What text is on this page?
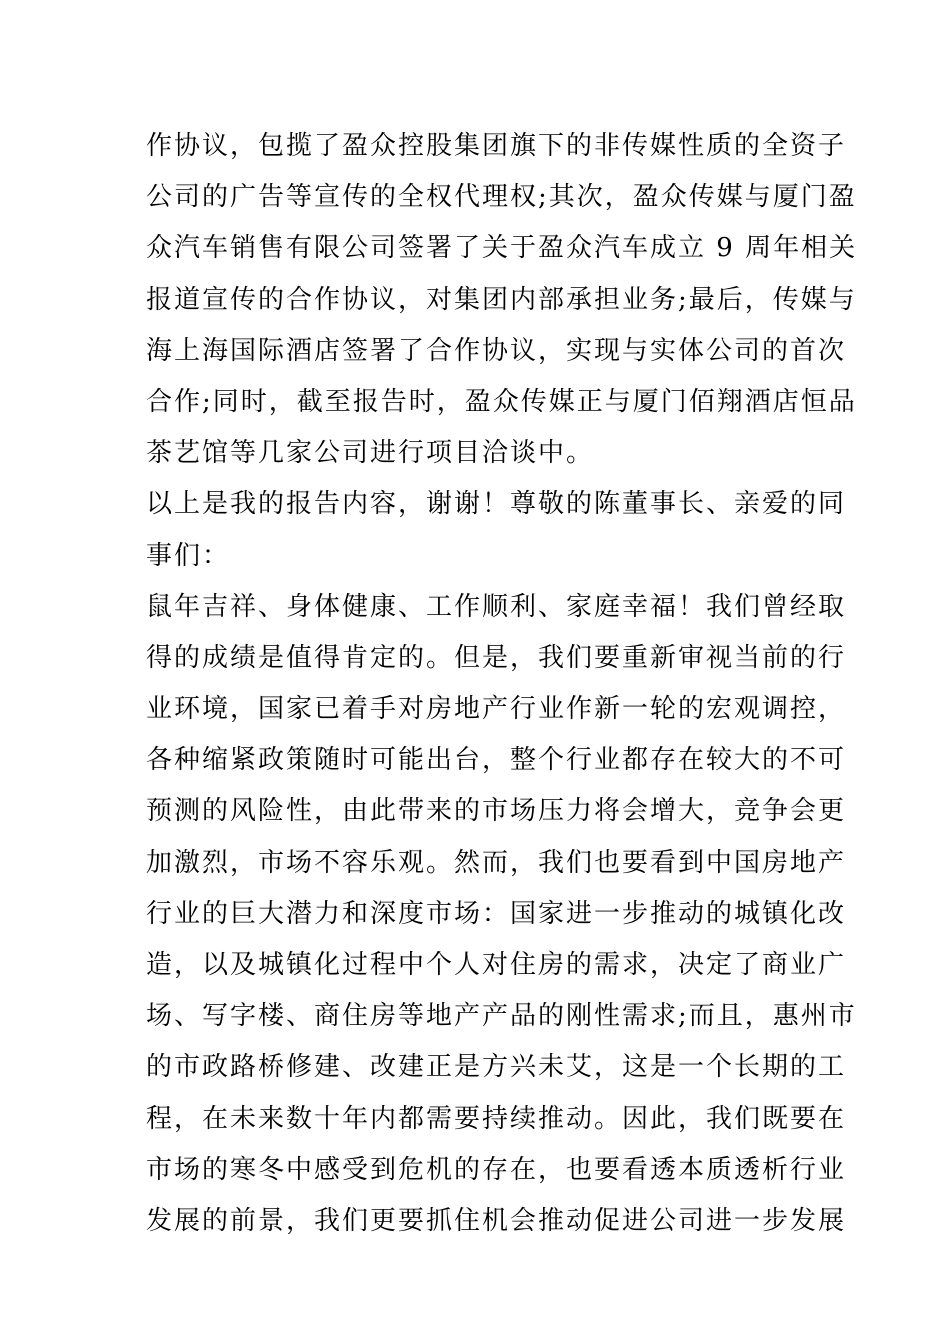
作协议，包揽了盈众控股集团旗下的非传媒性质的全资子
公司的广告等宣传的全权代理权;其次，盈众传媒与厦门盈
众汽车销售有限公司签署了关于盈众汽车成立 9 周年相关
报道宣传的合作协议，对集团内部承担业务;最后，传媒与
海上海国际酒店签署了合作协议，实现与实体公司的首次
合作;同时，截至报告时，盈众传媒正与厦门佰翔酒店恒品
茶艺馆等几家公司进行项目洽谈中。
以上是我的报告内容，谢谢！尊敬的陈董事长、亲爱的同
事们：
鼠年吉祥、身体健康、工作顺利、家庭幸福！我们曾经取
得的成绩是值得肯定的。但是，我们要重新审视当前的行
业环境，国家已着手对房地产行业作新一轮的宏观调控，
各种缩紧政策随时可能出台，整个行业都存在较大的不可
预测的风险性，由此带来的市场压力将会增大，竞争会更
加激烈，市场不容乐观。然而，我们也要看到中国房地产
行业的巨大潜力和深度市场：国家进一步推动的城镇化改
造，以及城镇化过程中个人对住房的需求，决定了商业广
场、写字楼、商住房等地产产品的刚性需求;而且，惠州市
的市政路桥修建、改建正是方兴未艾，这是一个长期的工
程，在未来数十年内都需要持续推动。因此，我们既要在
市场的寒冬中感受到危机的存在，也要看透本质透析行业
发展的前景，我们更要抓住机会推动促进公司进一步发展
